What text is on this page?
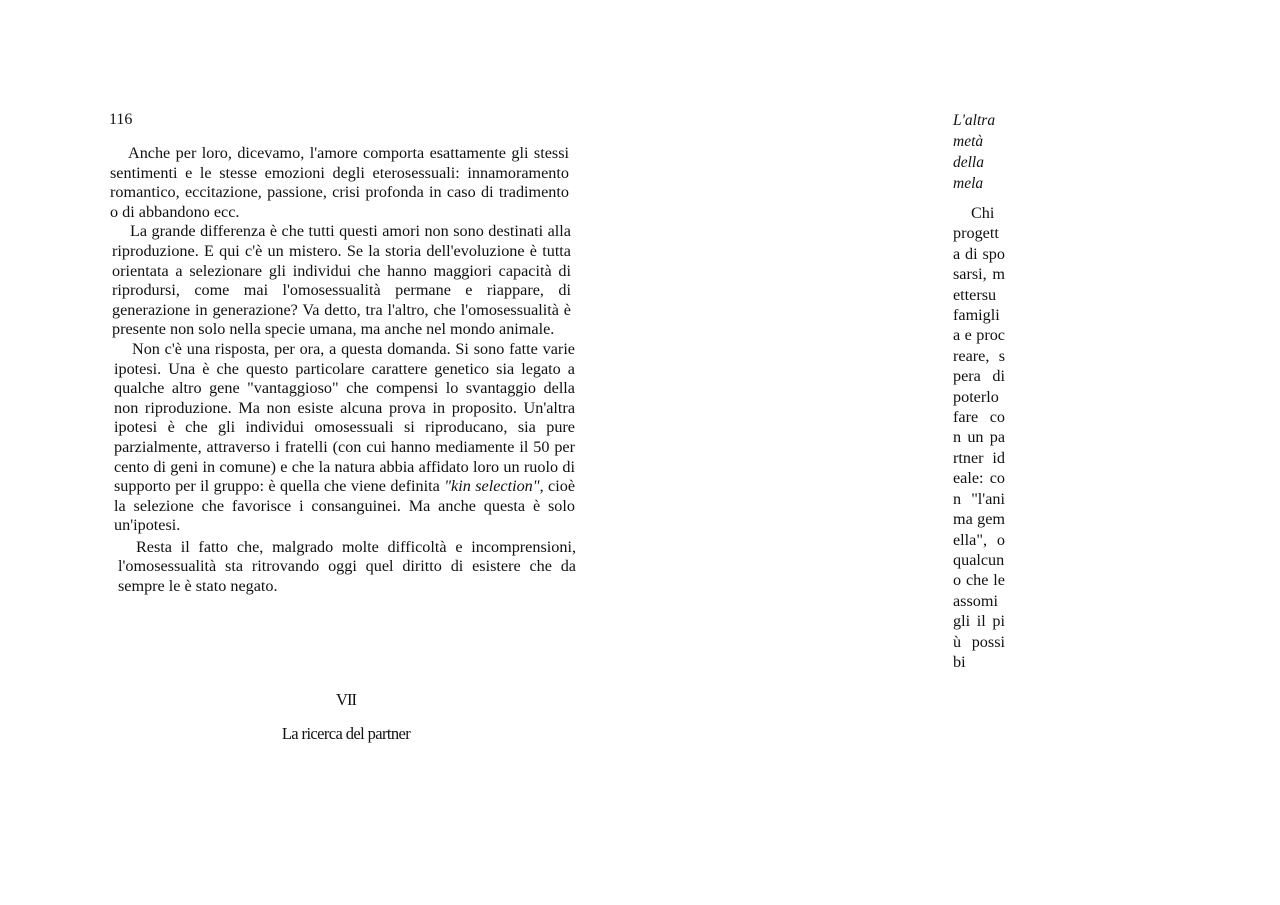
116

Anche per loro, dicevamo, l'amore comporta esattamente gli stessi sentimenti e le stesse emozioni degli eterosessuali: innamoramento romantico, eccitazione, passione, crisi profonda in caso di tradimento o di abbandono ecc.

La grande differenza è che tutti questi amori non sono destinati alla riproduzione. E qui c'è un mistero. Se la storia dell'evoluzione è tutta orientata a selezionare gli individui che hanno maggiori capacità di riprodursi, come mai l'omosessualità permane e riappare, di generazione in generazione? Va detto, tra l'altro, che l'omosessualità è presente non solo nella specie umana, ma anche nel mondo animale.

Non c'è una risposta, per ora, a questa domanda. Si sono fatte varie ipotesi. Una è che questo particolare carattere genetico sia legato a qualche altro gene "vantaggioso" che compensi lo svantaggio della non riproduzione. Ma non esiste alcuna prova in proposito. Un'altra ipotesi è che gli individui omosessuali si riproducano, sia pure parzialmente, attraverso i fratelli (con cui hanno mediamente il 50 per cento di geni in comune) e che la natura abbia affidato loro un ruolo di supporto per il gruppo: è quella che viene definita "kin selection", cioè la selezione che favorisce i consanguinei. Ma anche questa è solo un'ipotesi.

Resta il fatto che, malgrado molte difficoltà e incomprensioni, l'omosessualità sta ritrovando oggi quel diritto di esistere che da sempre le è stato negato.

VII
La ricerca del partner
L'altra metà della mela
Chi progetta di sposarsi, mettersu famiglia e procreare, spera di poterlo fare con un partner ideale: con "l'anima gemella", o qualcuno che le assomigli il più possibi
